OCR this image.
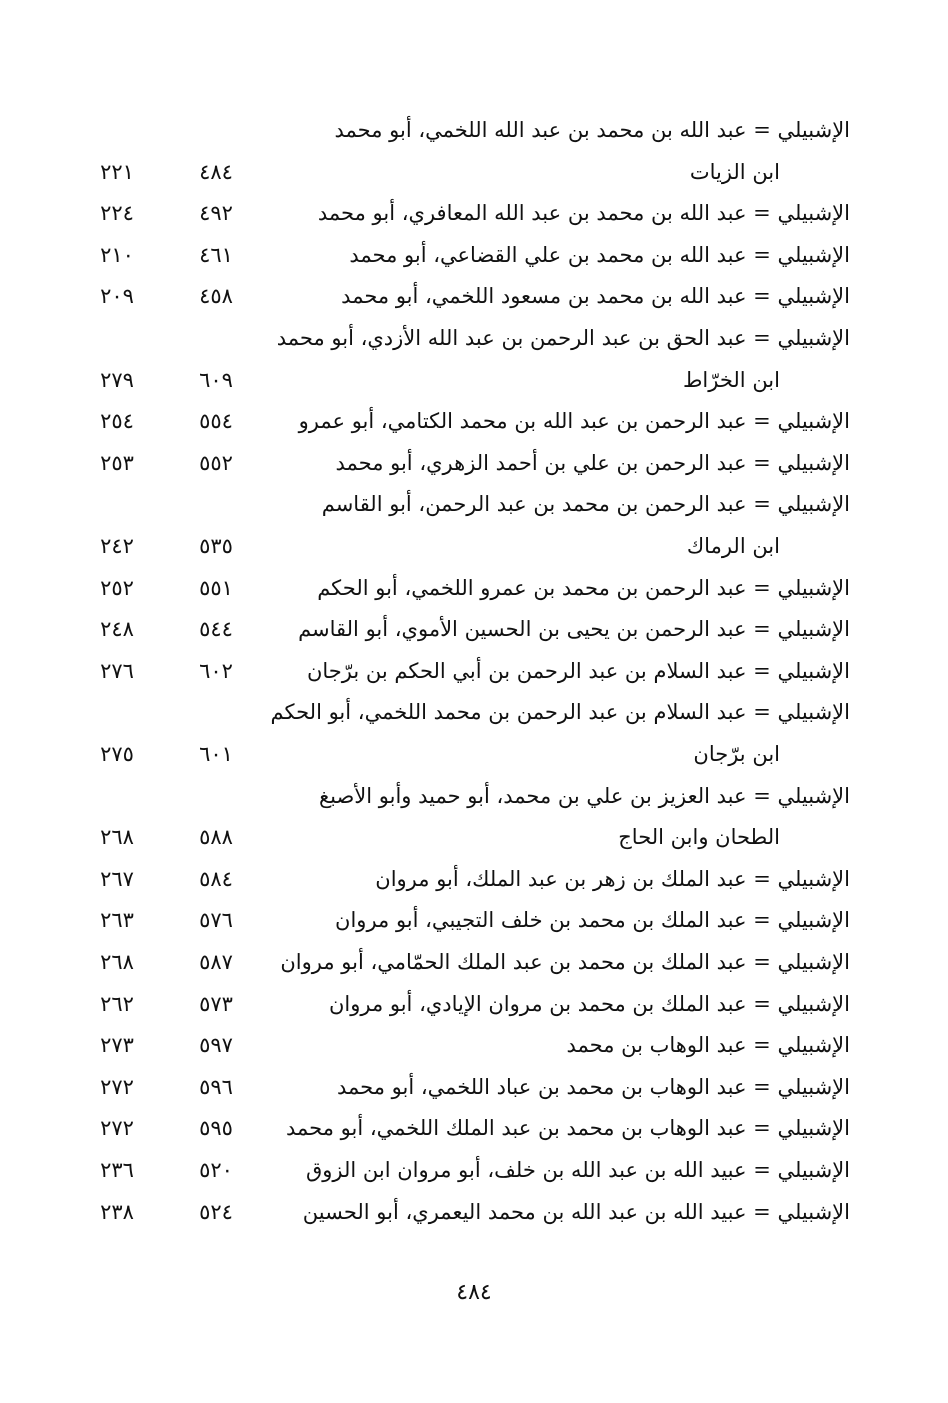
الإشبيلي = عبد الله بن محمد بن عبد الله اللخمي، أبو محمد
ابن الزيات
٤٨٤
٢٢١
الإشبيلي = عبد الله بن محمد بن عبد الله المعافري، أبو محمد
٤٩٢
٢٢٤
الإشبيلي = عبد الله بن محمد بن علي القضاعي، أبو محمد
٤٦١
٢١٠
الإشبيلي = عبد الله بن محمد بن مسعود اللخمي، أبو محمد
٤٥٨
٢٠٩
الإشبيلي = عبد الحق بن عبد الرحمن بن عبد الله الأزدي، أبو محمد
ابن الخرّاط
٦٠٩
٢٧٩
الإشبيلي = عبد الرحمن بن عبد الله بن محمد الكتامي، أبو عمرو
٥٥٤
٢٥٤
الإشبيلي = عبد الرحمن بن علي بن أحمد الزهري، أبو محمد
٥٥٢
٢٥٣
الإشبيلي = عبد الرحمن بن محمد بن عبد الرحمن، أبو القاسم
ابن الرماك
٥٣٥
٢٤٢
الإشبيلي = عبد الرحمن بن محمد بن عمرو اللخمي، أبو الحكم
٥٥١
٢٥٢
الإشبيلي = عبد الرحمن بن يحيى بن الحسين الأموي، أبو القاسم
٥٤٤
٢٤٨
الإشبيلي = عبد السلام بن عبد الرحمن بن أبي الحكم بن برّجان
٦٠٢
٢٧٦
الإشبيلي = عبد السلام بن عبد الرحمن بن محمد اللخمي، أبو الحكم
ابن برّجان
٦٠١
٢٧٥
الإشبيلي = عبد العزيز بن علي بن محمد، أبو حميد وأبو الأصبغ
الطحان وابن الحاج
٥٨٨
٢٦٨
الإشبيلي = عبد الملك بن زهر بن عبد الملك، أبو مروان
٥٨٤
٢٦٧
الإشبيلي = عبد الملك بن محمد بن خلف التجيبي، أبو مروان
٥٧٦
٢٦٣
الإشبيلي = عبد الملك بن محمد بن عبد الملك الحمّامي، أبو مروان
٥٨٧
٢٦٨
الإشبيلي = عبد الملك بن محمد بن مروان الإيادي، أبو مروان
٥٧٣
٢٦٢
الإشبيلي = عبد الوهاب بن محمد
٥٩٧
٢٧٣
الإشبيلي = عبد الوهاب بن محمد بن عباد اللخمي، أبو محمد
٥٩٦
٢٧٢
الإشبيلي = عبد الوهاب بن محمد بن عبد الملك اللخمي، أبو محمد
٥٩٥
٢٧٢
الإشبيلي = عبيد الله بن عبد الله بن خلف، أبو مروان ابن الزوق
٥٢٠
٢٣٦
الإشبيلي = عبيد الله بن عبد الله بن محمد اليعمري، أبو الحسين
٥٢٤
٢٣٨
٤٨٤
